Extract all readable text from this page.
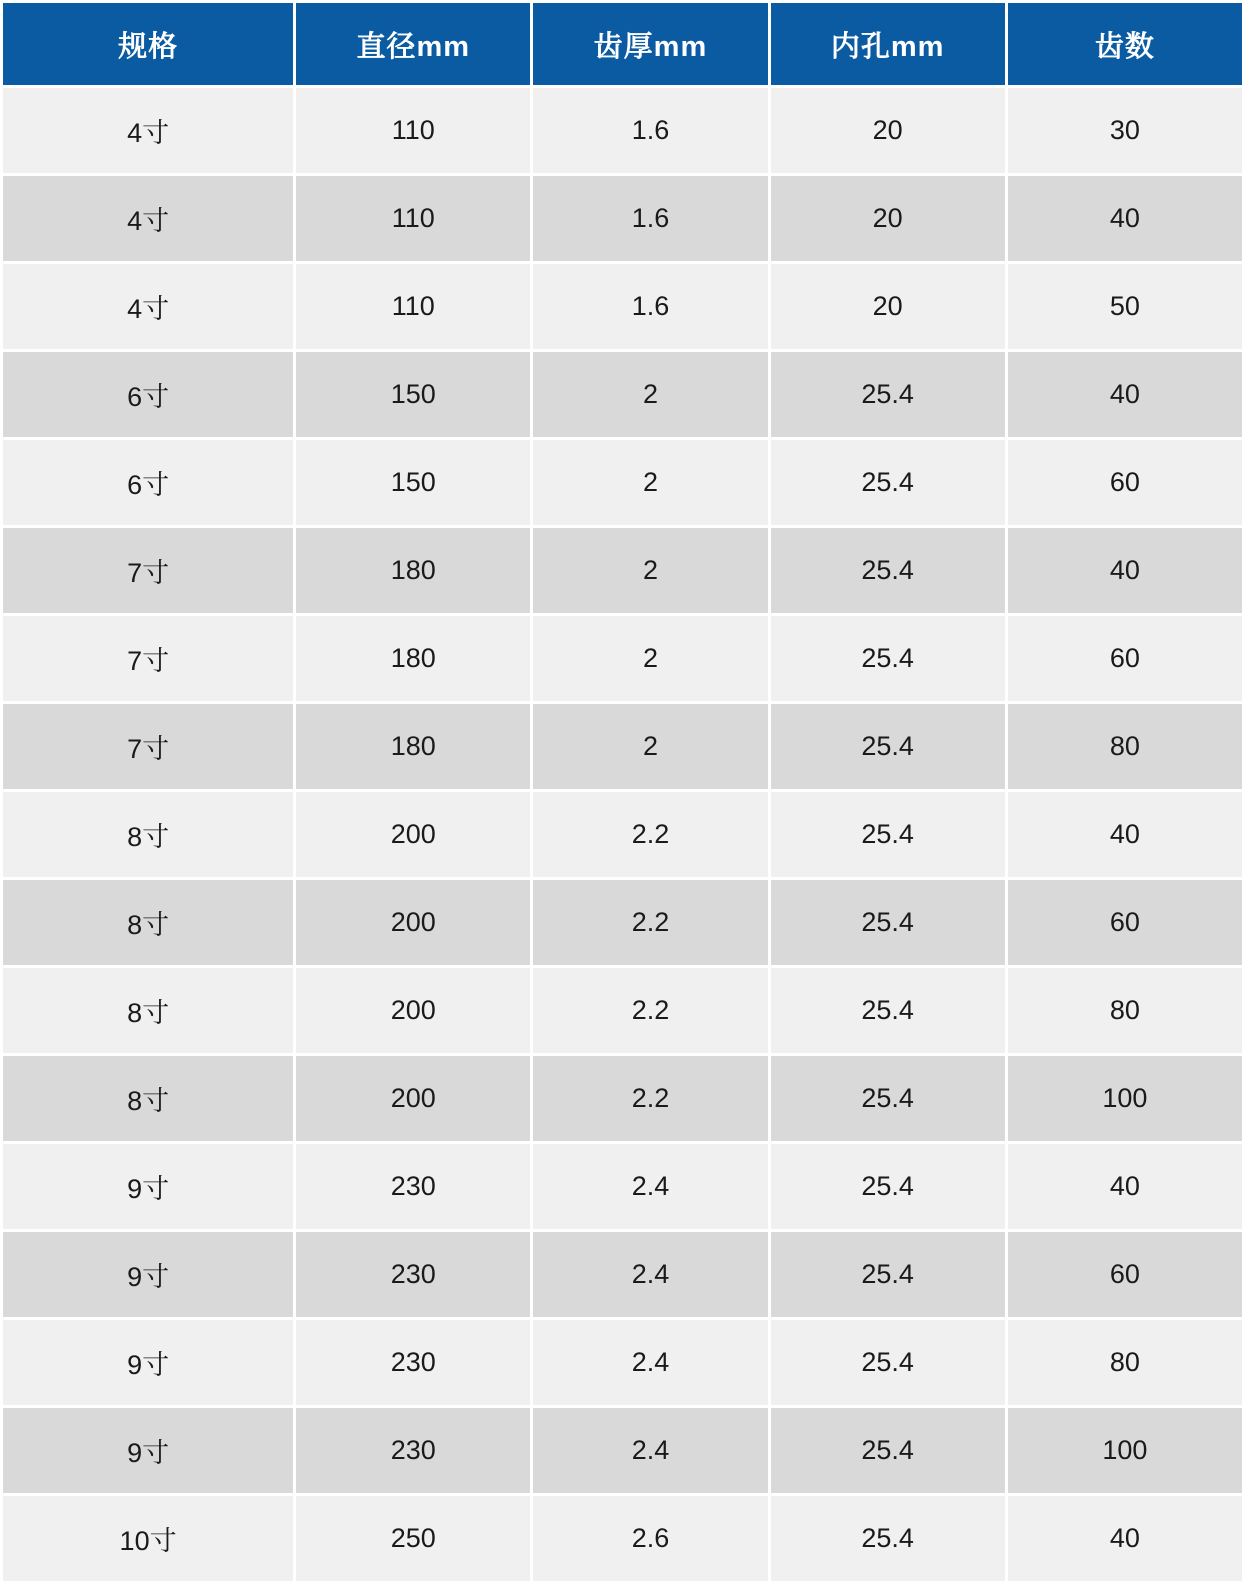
规格	直径mm	齿厚mm	内孔mm	齿数
4寸	110	1.6	20	30
4寸	110	1.6	20	40
4寸	110	1.6	20	50
6寸	150	2	25.4	40
6寸	150	2	25.4	60
7寸	180	2	25.4	40
7寸	180	2	25.4	60
7寸	180	2	25.4	80
8寸	200	2.2	25.4	40
8寸	200	2.2	25.4	60
8寸	200	2.2	25.4	80
8寸	200	2.2	25.4	100
9寸	230	2.4	25.4	40
9寸	230	2.4	25.4	60
9寸	230	2.4	25.4	80
9寸	230	2.4	25.4	100
10寸	250	2.6	25.4	40
